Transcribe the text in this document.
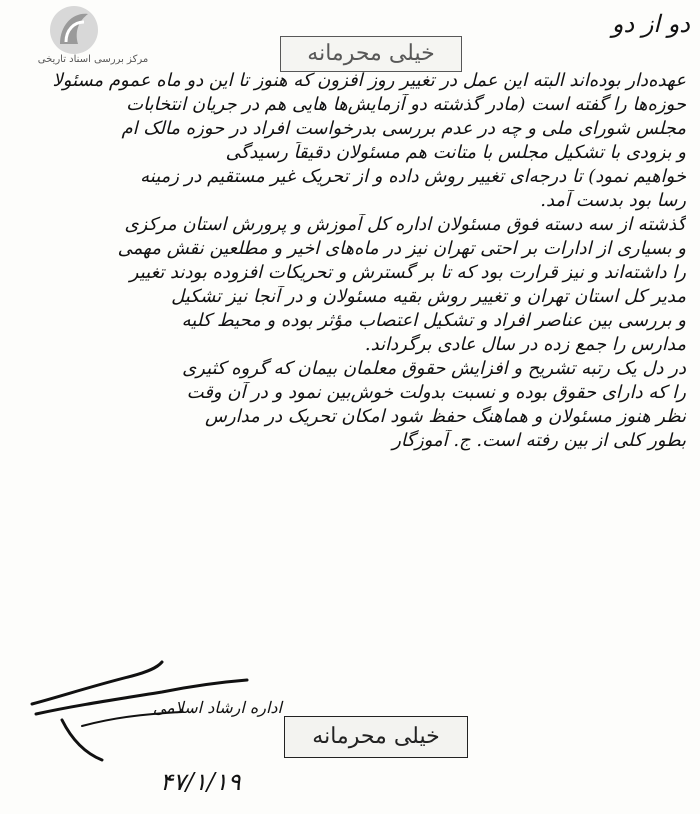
مرکز بررسی اسناد تاریخی
دو از دو
خیلی محرمانه
عهده‌دار بوده‌اند البته این عمل در تغییر روز افزون که هنوز تا این دو ماه عموم مسئولا
حوزه‌ها را گفته است (مادر گذشته دو آزمایش‌ها هایی هم در جریان انتخابات
مجلس شورای ملی و چه در عدم بررسی بدرخواست افراد در حوزه مالک ام
و بزودی با تشکیل مجلس با متانت هم مسئولان دقیقاً رسیدگی
خواهیم نمود) تا درجه‌ای تغییر روش داده و از تحریک غیر مستقیم در زمینه
رسا بود بدست آمد.
گذشته از سه دسته فوق مسئولان اداره کل آموزش و پرورش استان مرکزی
و بسیاری از ادارات بر احتی تهران نیز در ماه‌های اخیر و مطلعین نقش مهمی
را داشته‌اند و نیز قرارت بود که تا بر گسترش و تحریکات افزوده بودند تغییر
مدیر کل استان تهران و تغییر روش بقیه مسئولان و در آنجا نیز تشکیل
و بررسی بین عناصر افراد و تشکیل اعتصاب مؤثر بوده و محیط کلیه
مدارس را جمع زده در سال عادی برگرداند.
در دل یک رتبه تشریح و افزایش حقوق معلمان بیمان که گروه کثیری
را که دارای حقوق بوده و نسبت بدولت خوش‌بین نمود و در آن وقت
نظر هنوز مسئولان و هماهنگ حفظ شود امکان تحریک در مدارس
بطور کلی از بین رفته است. ج. آموزگار
اداره ارشاد اسلامی
خیلی محرمانه
۴۷/۱/۱۹
